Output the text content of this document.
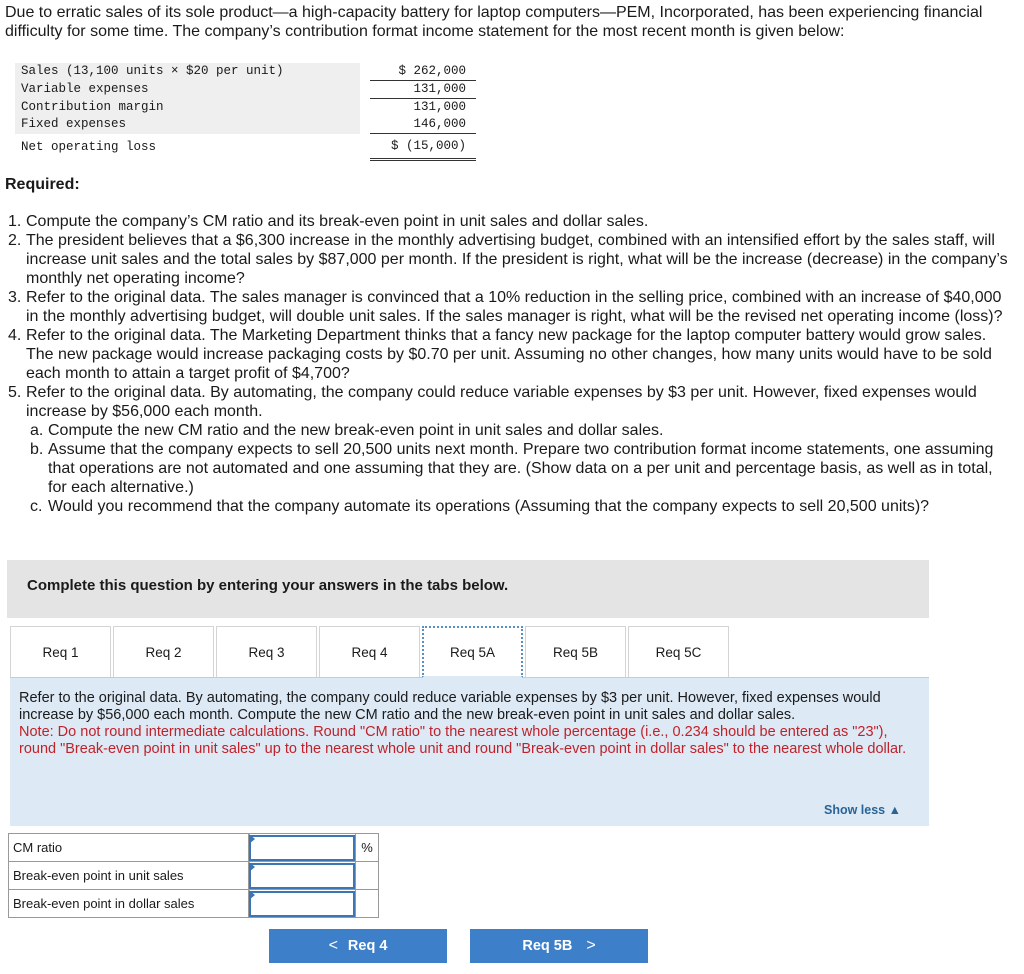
Due to erratic sales of its sole product—a high-capacity battery for laptop computers—PEM, Incorporated, has been experiencing financial difficulty for some time. The company’s contribution format income statement for the most recent month is given below:

Sales (13,100 units × $20 per unit)		$ 262,000
Variable expenses		131,000
Contribution margin		131,000
Fixed expenses		146,000
Net operating loss		$ (15,000)
Required:
1. Compute the company’s CM ratio and its break-even point in unit sales and dollar sales.
2. The president believes that a $6,300 increase in the monthly advertising budget, combined with an intensified effort by the sales staff, will increase unit sales and the total sales by $87,000 per month. If the president is right, what will be the increase (decrease) in the company’s monthly net operating income?
3. Refer to the original data. The sales manager is convinced that a 10% reduction in the selling price, combined with an increase of $40,000 in the monthly advertising budget, will double unit sales. If the sales manager is right, what will be the revised net operating income (loss)?
4. Refer to the original data. The Marketing Department thinks that a fancy new package for the laptop computer battery would grow sales. The new package would increase packaging costs by $0.70 per unit. Assuming no other changes, how many units would have to be sold each month to attain a target profit of $4,700?
5. Refer to the original data. By automating, the company could reduce variable expenses by $3 per unit. However, fixed expenses would increase by $56,000 each month.
a. Compute the new CM ratio and the new break-even point in unit sales and dollar sales.
b. Assume that the company expects to sell 20,500 units next month. Prepare two contribution format income statements, one assuming that operations are not automated and one assuming that they are. (Show data on a per unit and percentage basis, as well as in total, for each alternative.)
c. Would you recommend that the company automate its operations (Assuming that the company expects to sell 20,500 units)?
Complete this question by entering your answers in the tabs below.
Req 1	Req 2	Req 3	Req 4	Req 5A	Req 5B	Req 5C
Refer to the original data. By automating, the company could reduce variable expenses by $3 per unit. However, fixed expenses would increase by $56,000 each month. Compute the new CM ratio and the new break-even point in unit sales and dollar sales.
Note: Do not round intermediate calculations. Round "CM ratio" to the nearest whole percentage (i.e., 0.234 should be entered as "23"), round "Break-even point in unit sales" up to the nearest whole unit and round "Break-even point in dollar sales" to the nearest whole dollar.
Show less ▲
CM ratio		%
Break-even point in unit sales	

Break-even point in dollar sales	

< Req 4	Req 5B >
